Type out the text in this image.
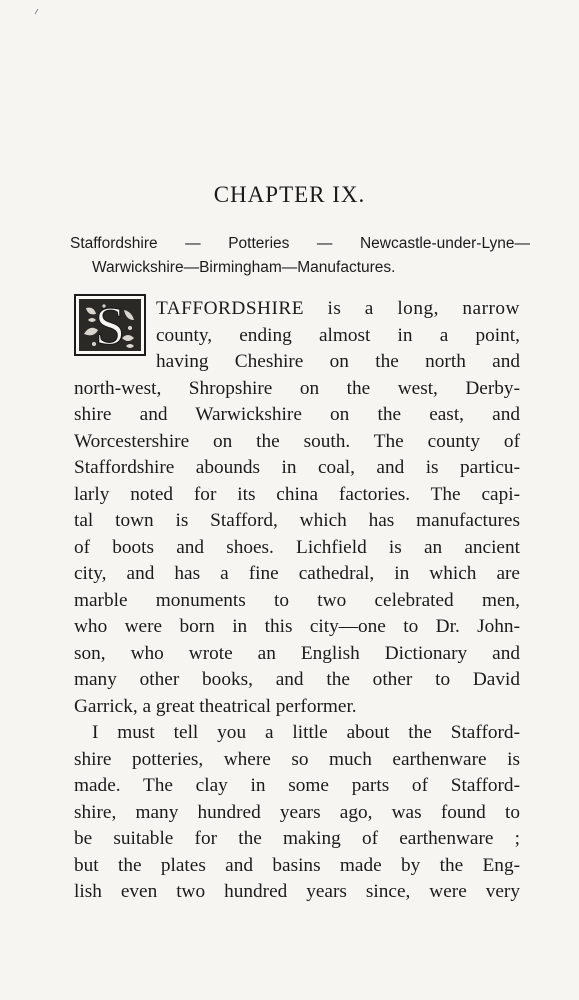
CHAPTER IX.
Staffordshire — Potteries — Newcastle-under-Lyne—
Warwickshire—Birmingham—Manufactures.
S	TAFFORDSHIRE is a long, narrow
county, ending almost in a point,
having Cheshire on the north and
north-west, Shropshire on the west, Derby-
shire and Warwickshire on the east, and
Worcestershire on the south. The county of
Staffordshire abounds in coal, and is particu-
larly noted for its china factories. The capi-
tal town is Stafford, which has manufactures
of boots and shoes. Lichfield is an ancient
city, and has a fine cathedral, in which are
marble monuments to two celebrated men,
who were born in this city—one to Dr. John-
son, who wrote an English Dictionary and
many other books, and the other to David
Garrick, a great theatrical performer.
I must tell you a little about the Stafford-
shire potteries, where so much earthenware is
made. The clay in some parts of Stafford-
shire, many hundred years ago, was found to
be suitable for the making of earthenware ;
but the plates and basins made by the Eng-
lish even two hundred years since, were very
